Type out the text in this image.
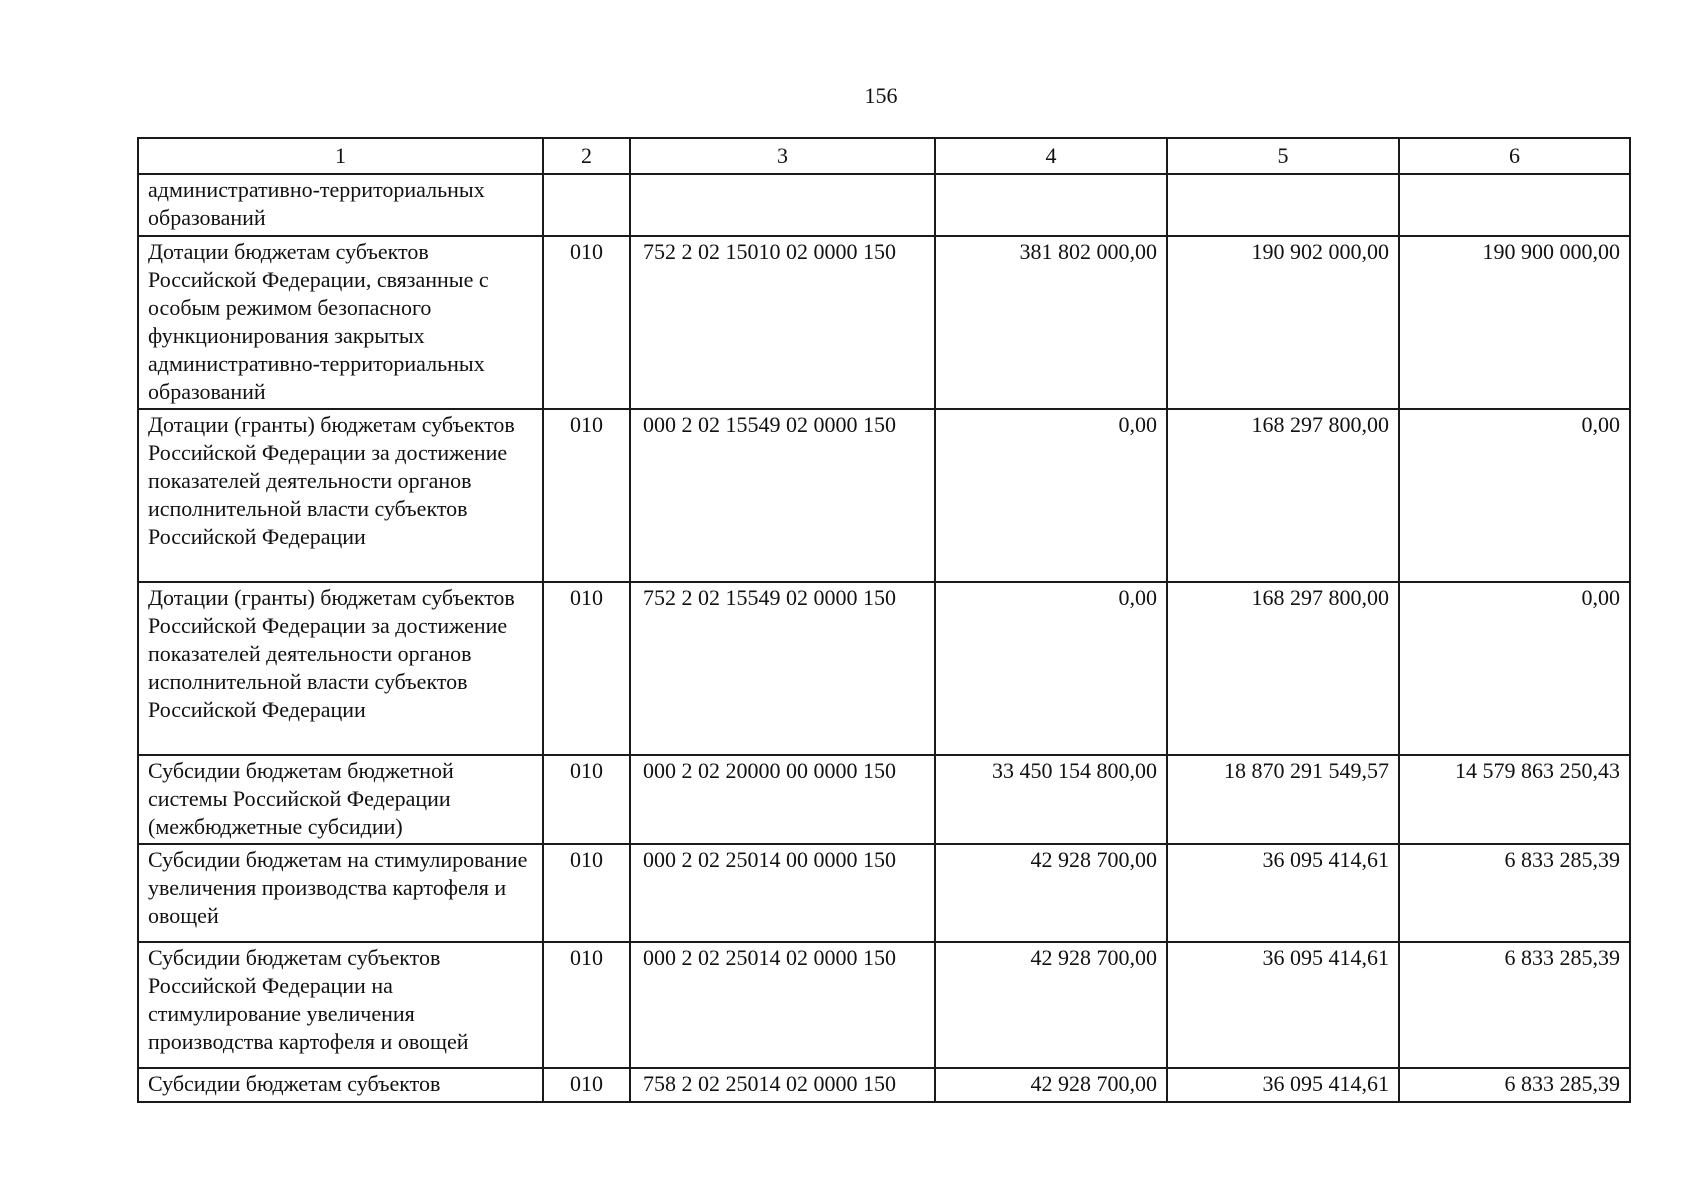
156
1	2	3	4	5	6
административно-территориальных образований					
Дотации бюджетам субъектов Российской Федерации, связанные с особым режимом безопасного функционирования закрытых административно-территориальных образований	010	752 2 02 15010 02 0000 150	381 802 000,00	190 902 000,00	190 900 000,00
Дотации (гранты) бюджетам субъектов Российской Федерации за достижение показателей деятельности органов исполнительной власти субъектов Российской Федерации	010	000 2 02 15549 02 0000 150	0,00	168 297 800,00	0,00
Дотации (гранты) бюджетам субъектов Российской Федерации за достижение показателей деятельности органов исполнительной власти субъектов Российской Федерации	010	752 2 02 15549 02 0000 150	0,00	168 297 800,00	0,00
Субсидии бюджетам бюджетной системы Российской Федерации (межбюджетные субсидии)	010	000 2 02 20000 00 0000 150	33 450 154 800,00	18 870 291 549,57	14 579 863 250,43
Субсидии бюджетам на стимулирование увеличения производства картофеля и овощей	010	000 2 02 25014 00 0000 150	42 928 700,00	36 095 414,61	6 833 285,39
Субсидии бюджетам субъектов Российской Федерации на стимулирование увеличения производства картофеля и овощей	010	000 2 02 25014 02 0000 150	42 928 700,00	36 095 414,61	6 833 285,39
Субсидии бюджетам субъектов	010	758 2 02 25014 02 0000 150	42 928 700,00	36 095 414,61	6 833 285,39
